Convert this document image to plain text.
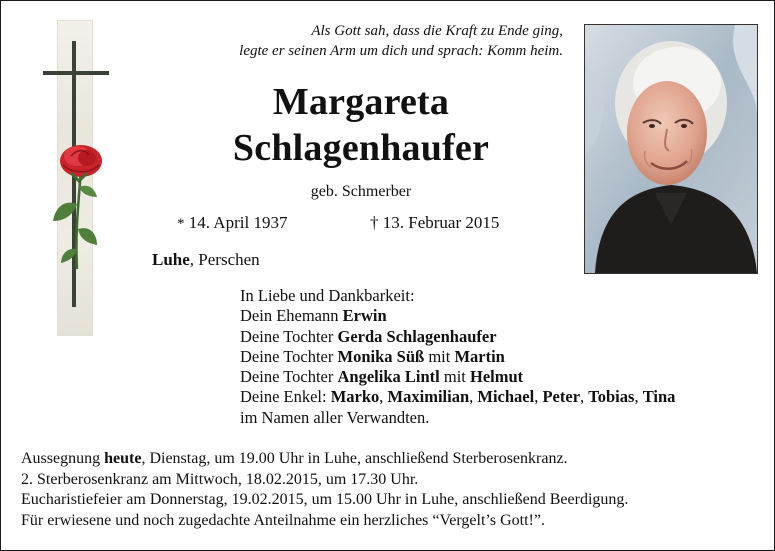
Als Gott sah, dass die Kraft zu Ende ging,
legte er seinen Arm um dich und sprach: Komm heim.
Margareta
Schlagenhaufer
geb. Schmerber
* 14. April 1937	† 13. Februar 2015
Luhe, Perschen
In Liebe und Dankbarkeit:
Dein Ehemann Erwin
Deine Tochter Gerda Schlagenhaufer
Deine Tochter Monika Süß mit Martin
Deine Tochter Angelika Lintl mit Helmut
Deine Enkel: Marko, Maximilian, Michael, Peter, Tobias, Tina
im Namen aller Verwandten.
Aussegnung heute, Dienstag, um 19.00 Uhr in Luhe, anschließend Sterberosenkranz.
2. Sterberosenkranz am Mittwoch, 18.02.2015, um 17.30 Uhr.
Eucharistiefeier am Donnerstag, 19.02.2015, um 15.00 Uhr in Luhe, anschließend Beerdigung.
Für erwiesene und noch zugedachte Anteilnahme ein herzliches “Vergelt’s Gott!”.
